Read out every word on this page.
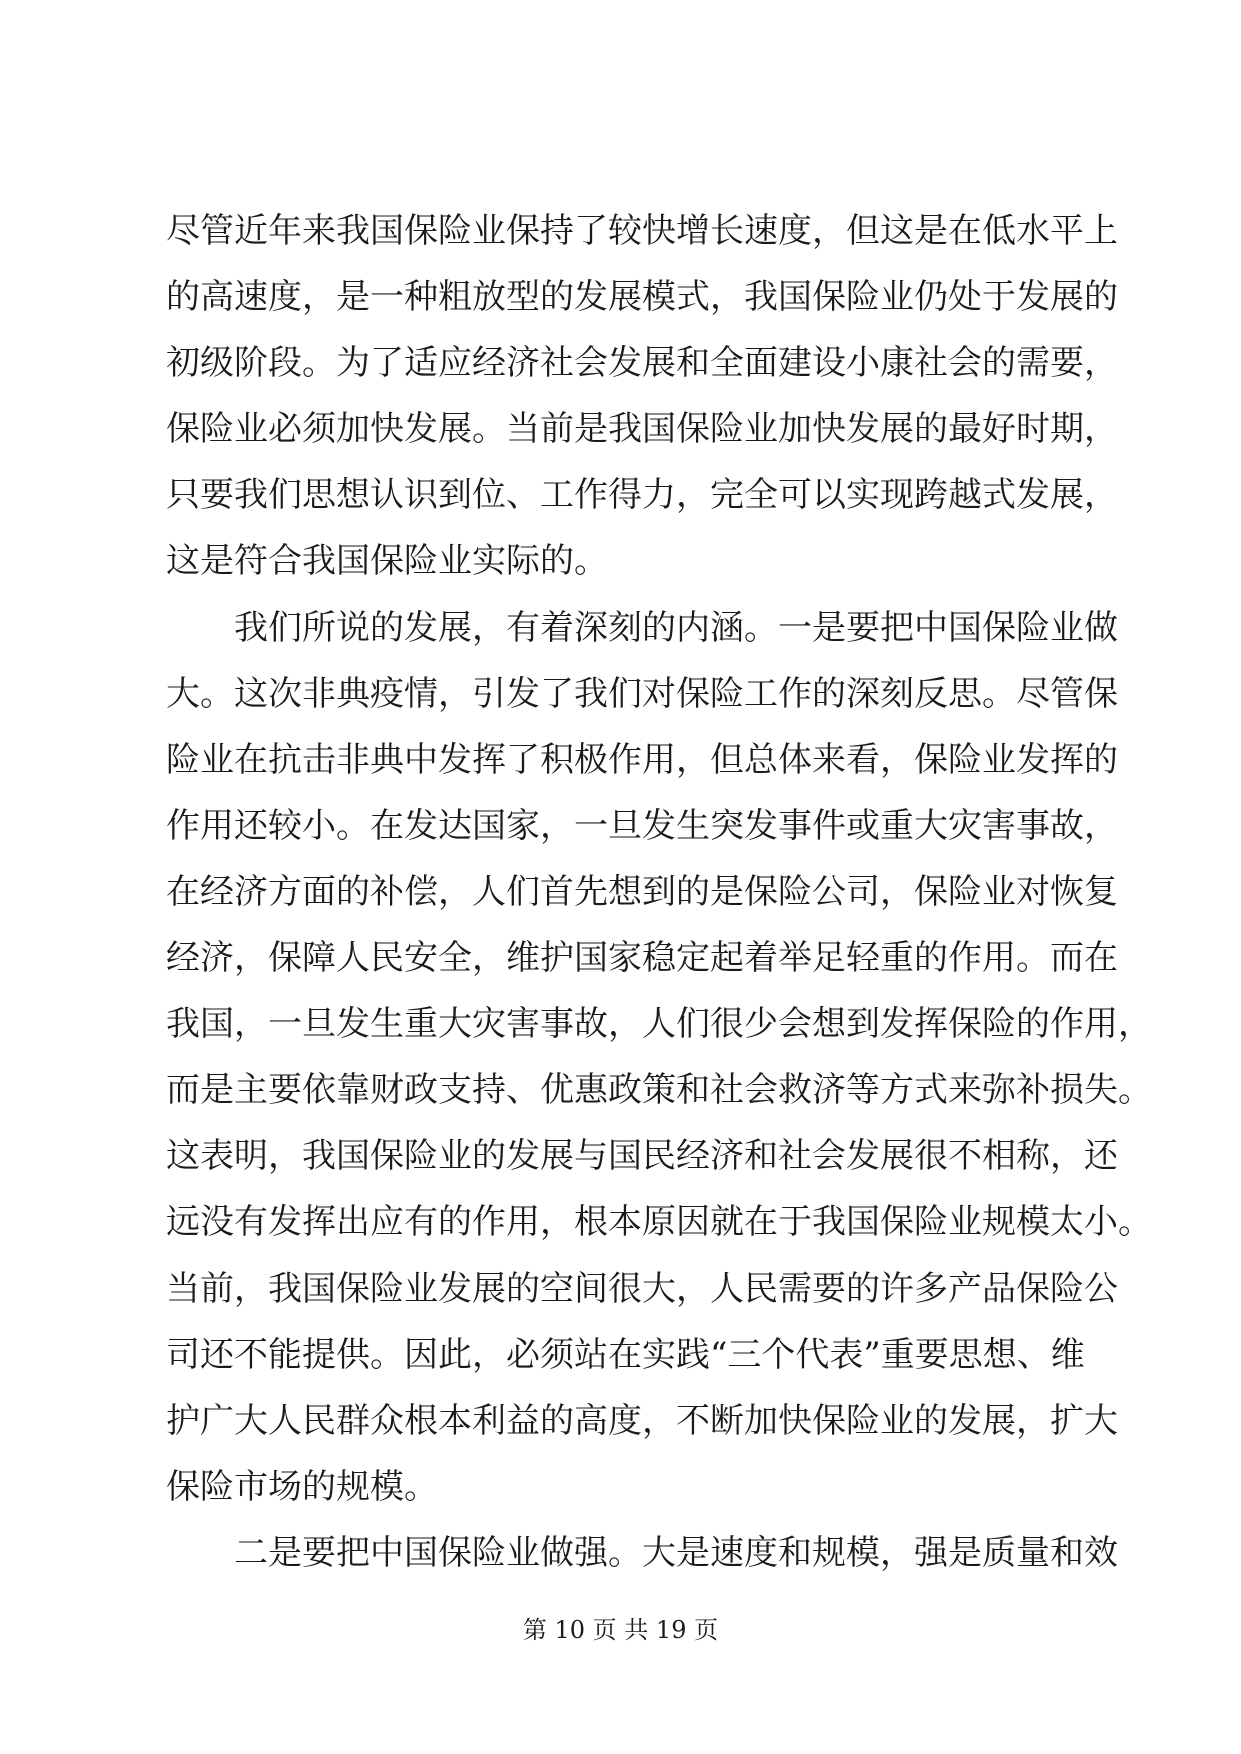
尽管近年来我国保险业保持了较快增长速度，但这是在低水平上
的高速度，是一种粗放型的发展模式，我国保险业仍处于发展的
初级阶段。为了适应经济社会发展和全面建设小康社会的需要，
保险业必须加快发展。当前是我国保险业加快发展的最好时期，
只要我们思想认识到位、工作得力，完全可以实现跨越式发展，
这是符合我国保险业实际的。
我们所说的发展，有着深刻的内涵。一是要把中国保险业做
大。这次非典疫情，引发了我们对保险工作的深刻反思。尽管保
险业在抗击非典中发挥了积极作用，但总体来看，保险业发挥的
作用还较小。在发达国家，一旦发生突发事件或重大灾害事故，
在经济方面的补偿，人们首先想到的是保险公司，保险业对恢复
经济，保障人民安全，维护国家稳定起着举足轻重的作用。而在
我国，一旦发生重大灾害事故，人们很少会想到发挥保险的作用，
而是主要依靠财政支持、优惠政策和社会救济等方式来弥补损失。
这表明，我国保险业的发展与国民经济和社会发展很不相称，还
远没有发挥出应有的作用，根本原因就在于我国保险业规模太小。
当前，我国保险业发展的空间很大，人民需要的许多产品保险公
司还不能提供。因此，必须站在实践“三个代表”重要思想、维
护广大人民群众根本利益的高度，不断加快保险业的发展，扩大
保险市场的规模。
二是要把中国保险业做强。大是速度和规模，强是质量和效
第 10 页 共 19 页
